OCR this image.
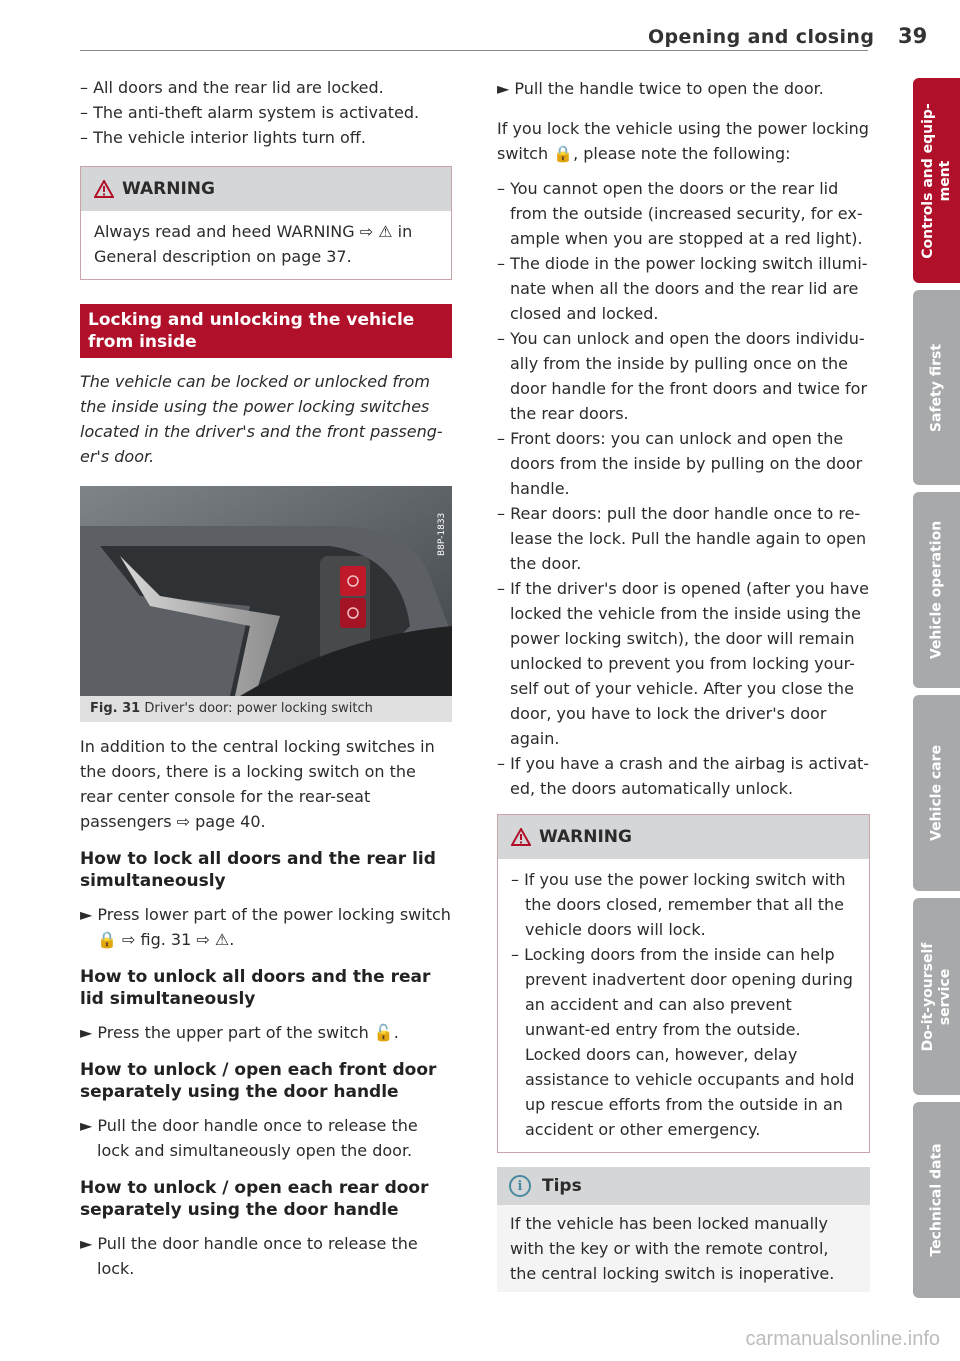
Opening and closing 39
– All doors and the rear lid are locked.
– The anti-theft alarm system is activated.
– The vehicle interior lights turn off.
WARNING
Always read and heed WARNING ⇨ ⚠ in General description on page 37.
Locking and unlocking the vehicle from inside
The vehicle can be locked or unlocked from the inside using the power locking switches located in the driver's and the front passeng-er's door.
B8P-1833
Fig. 31 Driver's door: power locking switch
In addition to the central locking switches in the doors, there is a locking switch on the rear center console for the rear-seat passengers ⇨ page 40.
How to lock all doors and the rear lid simultaneously
► Press lower part of the power locking switch 🔒 ⇨ fig. 31 ⇨ ⚠.
How to unlock all doors and the rear lid simultaneously
► Press the upper part of the switch 🔓.
How to unlock / open each front door separately using the door handle
► Pull the door handle once to release the lock and simultaneously open the door.
How to unlock / open each rear door separately using the door handle
► Pull the door handle once to release the lock.
► Pull the handle twice to open the door.
If you lock the vehicle using the power locking switch 🔒, please note the following:
– You cannot open the doors or the rear lid from the outside (increased security, for ex-ample when you are stopped at a red light).
– The diode in the power locking switch illumi-nate when all the doors and the rear lid are closed and locked.
– You can unlock and open the doors individu-ally from the inside by pulling once on the door handle for the front doors and twice for the rear doors.
– Front doors: you can unlock and open the doors from the inside by pulling on the door handle.
– Rear doors: pull the door handle once to re-lease the lock. Pull the handle again to open the door.
– If the driver's door is opened (after you have locked the vehicle from the inside using the power locking switch), the door will remain unlocked to prevent you from locking your-self out of your vehicle. After you close the door, you have to lock the driver's door again.
– If you have a crash and the airbag is activat-ed, the doors automatically unlock.
WARNING
– If you use the power locking switch with the doors closed, remember that all the vehicle doors will lock.
– Locking doors from the inside can help prevent inadvertent door opening during an accident and can also prevent unwant-ed entry from the outside. Locked doors can, however, delay assistance to vehicle occupants and hold up rescue efforts from the outside in an accident or other emergency.
i	Tips
If the vehicle has been locked manually with the key or with the remote control, the central locking switch is inoperative.
Controls and equip-ment
Safety first
Vehicle operation
Vehicle care
Do-it-yourself service
Technical data
carmanualsonline.info
